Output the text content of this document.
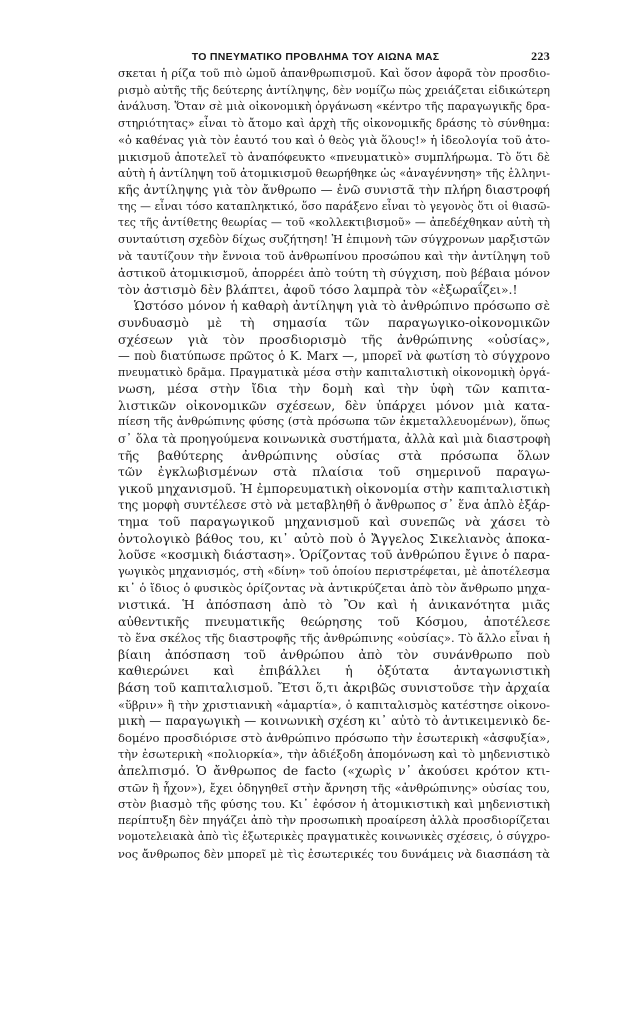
ΤΟ ΠΝΕΥΜΑΤΙΚΟ ΠΡΟΒΛΗΜΑ ΤΟΥ ΑΙΩΝΑ ΜΑΣ	223
σκεται ἡ ρίζα τοῦ πιὸ ὠμοῦ ἀπανθρωπισμοῦ. Καὶ ὅσον ἀφορᾶ τὸν προσδιο-
ρισμὸ αὐτῆς τῆς δεύτερης ἀντίληψης, δὲν νομίζω πὼς χρειάζεται εἰδικώτερη
ἀνάλυση. Ὅταν σὲ μιὰ οἰκονομικὴ ὀργάνωση «κέντρο τῆς παραγωγικῆς δρα-
στηριότητας» εἶναι τὸ ἄτομο καὶ ἀρχὴ τῆς οἰκονομικῆς δράσης τὸ σύνθημα:
«ὁ καθένας γιὰ τὸν ἑαυτό του καὶ ὁ θεὸς γιὰ ὅλους!» ἡ ἰδεολογία τοῦ ἀτο-
μικισμοῦ ἀποτελεῖ τὸ ἀναπόφευκτο «πνευματικὸ» συμπλήρωμα. Τὸ ὅτι δὲ
αὐτὴ ἡ ἀντίληψη τοῦ ἀτομικισμοῦ θεωρήθηκε ὡς «ἀναγέννηση» τῆς ἑλληνι-
κῆς ἀντίληψης γιὰ τὸν ἄνθρωπο — ἐνῶ συνιστᾶ τὴν πλήρη διαστροφή
της — εἶναι τόσο καταπληκτικό, ὅσο παράξενο εἶναι τὸ γεγονὸς ὅτι οἱ θιασῶ-
τες τῆς ἀντίθετης θεωρίας — τοῦ «κολλεκτιβισμοῦ» — ἀπεδέχθηκαν αὐτὴ τὴ
συνταύτιση σχεδὸν δίχως συζήτηση! Ἡ ἐπιμονὴ τῶν σύγχρονων μαρξιστῶν
νὰ ταυτίζουν τὴν ἔννοια τοῦ ἀνθρωπίνου προσώπου καὶ τὴν ἀντίληψη τοῦ
ἀστικοῦ ἀτομικισμοῦ, ἀπορρέει ἀπὸ τούτη τὴ σύγχιση, ποὺ βέβαια μόνον
τὸν ἀστισμὸ δὲν βλάπτει, ἀφοῦ τόσο λαμπρὰ τὸν «ἐξωραΐζει».!
Ὡστόσο μόνον ἡ καθαρὴ ἀντίληψη γιὰ τὸ ἀνθρώπινο πρόσωπο σὲ
συνδυασμὸ μὲ τὴ σημασία τῶν παραγωγικο-οἰκονομικῶν
σχέσεων γιὰ τὸν προσδιορισμὸ τῆς ἀνθρώπινης «οὐσίας»,
— ποὺ διατύπωσε πρῶτος ὁ Κ. Marx —, μπορεῖ νὰ φωτίση τὸ σύγχρονο
πνευματικὸ δρᾶμα. Πραγματικὰ μέσα στὴν καπιταλιστικὴ οἰκονομικὴ ὀργά-
νωση, μέσα στὴν ἴδια τὴν δομὴ καὶ τὴν ὑφὴ τῶν καπιτα-
λιστικῶν οἰκονομικῶν σχέσεων, δὲν ὑπάρχει μόνον μιὰ κατα-
πίεση τῆς ἀνθρώπινης φύσης (στὰ πρόσωπα τῶν ἐκμεταλλευομένων), ὅπως
σ᾿ ὅλα τὰ προηγούμενα κοινωνικὰ συστήματα, ἀλλὰ καὶ μιὰ διαστροφὴ
τῆς βαθύτερης ἀνθρώπινης οὐσίας στὰ πρόσωπα ὅλων
τῶν ἐγκλωβισμένων στὰ πλαίσια τοῦ σημερινοῦ παραγω-
γικοῦ μηχανισμοῦ. Ἡ ἐμπορευματικὴ οἰκονομία στὴν καπιταλιστικὴ
της μορφὴ συντέλεσε στὸ νὰ μεταβληθῆ ὁ ἄνθρωπος σ᾿ ἕνα ἁπλὸ ἐξάρ-
τημα τοῦ παραγωγικοῦ μηχανισμοῦ καὶ συνεπῶς νὰ χάσει τὸ
ὀντολογικὸ βάθος του, κι᾿ αὐτὸ ποὺ ὁ Ἄγγελος Σικελιανὸς ἀποκα-
λοῦσε «κοσμικὴ διάσταση». Ὁρίζοντας τοῦ ἀνθρώπου ἔγινε ὁ παρα-
γωγικὸς μηχανισμός, στὴ «δίνη» τοῦ ὁποίου περιστρέφεται, μὲ ἀποτέλεσμα
κι᾿ ὁ ἴδιος ὁ φυσικὸς ὁρίζοντας νὰ ἀντικρύζεται ἀπὸ τὸν ἄνθρωπο μηχα-
νιστικά. Ἡ ἀπόσπαση ἀπὸ τὸ Ὂν καὶ ἡ ἀνικανότητα μιᾶς
αὐθεντικῆς πνευματικῆς θεώρησης τοῦ Κόσμου, ἀποτέλεσε
τὸ ἕνα σκέλος τῆς διαστροφῆς τῆς ἀνθρώπινης «οὐσίας». Τὸ ἄλλο εἶναι ἡ
βίαιη ἀπόσπαση τοῦ ἀνθρώπου ἀπὸ τὸν συνάνθρωπο ποὺ
καθιερώνει καὶ ἐπιβάλλει ἡ ὀξύτατα ἀνταγωνιστικὴ
βάση τοῦ καπιταλισμοῦ. Ἔτσι ὅ,τι ἀκριβῶς συνιστοῦσε τὴν ἀρχαία
«ὕβριν» ἢ τὴν χριστιανικὴ «ἁμαρτία», ὁ καπιταλισμὸς κατέστησε οἰκονο-
μικὴ — παραγωγικὴ — κοινωνικὴ σχέση κι᾿ αὐτὸ τὸ ἀντικειμενικὸ δε-
δομένο προσδιόρισε στὸ ἀνθρώπινο πρόσωπο τὴν ἐσωτερικὴ «ἀσφυξία»,
τὴν ἐσωτερικὴ «πολιορκία», τὴν ἀδιέξοδη ἀπομόνωση καὶ τὸ μηδενιστικὸ
ἀπελπισμό. Ὁ ἄνθρωπος de facto («χωρὶς ν᾿ ἀκούσει κρότον κτι-
στῶν ἢ ἦχον»), ἔχει ὁδηγηθεῖ στὴν ἄρνηση τῆς «ἀνθρώπινης» οὐσίας του,
στὸν βιασμὸ τῆς φύσης του. Κι᾿ ἐφόσον ἡ ἀτομικιστικὴ καὶ μηδενιστικὴ
περίπτυξη δὲν πηγάζει ἀπὸ τὴν προσωπικὴ προαίρεση ἀλλὰ προσδιορίζεται
νομοτελειακὰ ἀπὸ τὶς ἐξωτερικὲς πραγματικὲς κοινωνικὲς σχέσεις, ὁ σύγχρο-
νος ἄνθρωπος δὲν μπορεῖ μὲ τὶς ἐσωτερικές του δυνάμεις νὰ διασπάση τὰ
